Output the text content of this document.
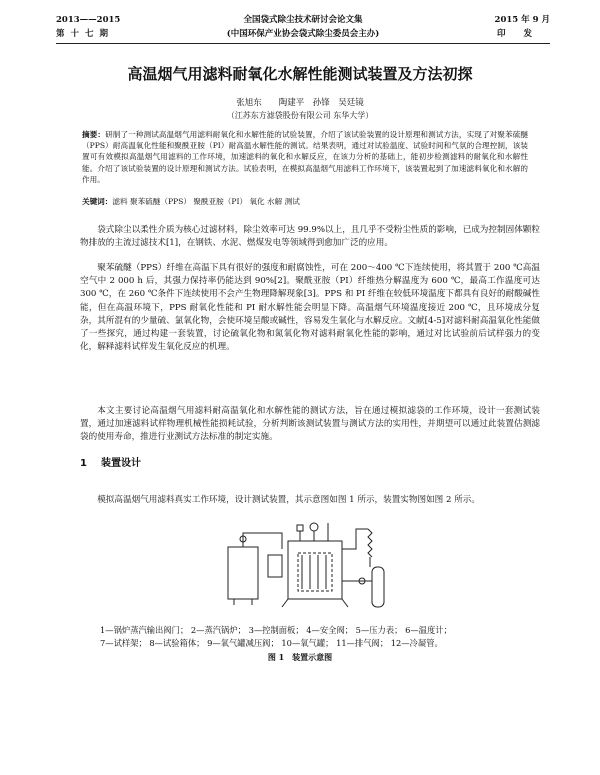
2013——2015
第十七期
全国袋式除尘技术研讨会论文集
(中国环保产业协会袋式除尘委员会主办)
2015 年 9 月
印发
高温烟气用滤料耐氧化水解性能测试装置及方法初探
张旭东　　陶建平　孙锋　吴廷镜
（江苏东方滤袋股份有限公司 东华大学）
摘要：研制了一种测试高温烟气用滤料耐氧化和水解性能的试验装置，介绍了该试验装置的设计原理和测试方法，实现了对聚苯硫醚（PPS）耐高温氧化性能和聚酰亚胺（PI）耐高温水解性能的测试。结果表明，通过对试验温度、试验时间和气氛的合理控制，该装置可有效模拟高温烟气用滤料的工作环境，加速滤料的氧化和水解反应，在该力分析的基础上，能初步检测滤料的耐氧化和水解性能。介绍了该试验装置的设计原理和测试方法。试验表明，在模拟高温烟气用滤料工作环境下，该装置起到了加速滤料氧化和水解的作用。
关键词：滤料 聚苯硫醚（PPS） 聚酰亚胺（PI） 氧化 水解 测试

袋式除尘以柔性介质为核心过滤材料，除尘效率可达 99.9%以上，且几乎不受粉尘性质的影响，已成为控制固体颗粒物排放的主流过滤技术[1]，在钢铁、水泥、燃煤发电等领域得到愈加广泛的应用。

聚苯硫醚（PPS）纤维在高温下具有很好的强度和耐腐蚀性，可在 200～400 ℃下连续使用，将其置于 200 ℃高温空气中 2 000 h 后，其强力保持率仍能达到 90%[2]。聚酰亚胺（PI）纤维热分解温度为 600 ℃，最高工作温度可达 300 ℃，在 260 ℃条件下连续使用不会产生物理降解现象[3]。PPS 和 PI 纤维在较低环境温度下都具有良好的耐酸碱性能，但在高温环境下，PPS 耐氧化性能和 PI 耐水解性能会明显下降。高温烟气环境温度接近 200 ℃，且环境成分复杂，其所混有的少量硫、氯氧化物，会使环境呈酸或碱性，容易发生氧化与水解反应。文献[4-5]对滤料耐高温氧化性能做了一些探究，通过构建一套装置，讨论硫氧化物和氮氧化物对滤料耐氧化性能的影响，通过对比试验前后试样强力的变化，解释滤料试样发生氧化反应的机理。

本文主要讨论高温烟气用滤料耐高温氧化和水解性能的测试方法，旨在通过模拟滤袋的工作环境，设计一套测试装置，通过加速滤料试样物理机械性能损耗试验，分析判断该测试装置与测试方法的实用性，并期望可以通过此装置估测滤袋的使用寿命，推进行业测试方法标准的制定实施。

1 装置设计

模拟高温烟气用滤料真实工作环境，设计测试装置，其示意图如图 1 所示，装置实物图如图 2 所示。

1—锅炉蒸汽输出阀门； 2—蒸汽锅炉； 3—控制面板； 4—安全阀； 5—压力表； 6—温度计；
7—试样架； 8—试验箱体； 9—氧气罐减压阀； 10—氧气罐； 11—排气阀； 12—冷凝管。
图 1　装置示意图
